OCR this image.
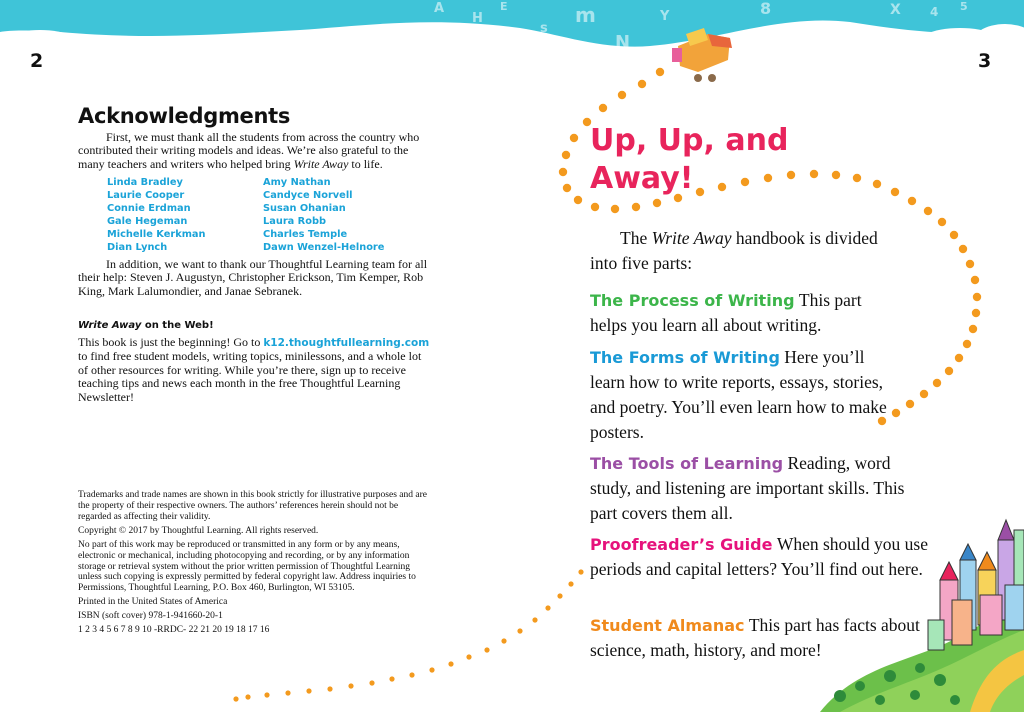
A
H
s
m
N
Y	8	X 4
E	5
2	3
Acknowledgments
First, we must thank all the students from across the country who contributed their writing models and ideas. We’re also grateful to the many teachers and writers who helped bring Write Away to life.
Linda Bradley
Laurie Cooper
Connie Erdman
Gale Hegeman
Michelle Kerkman
Dian Lynch
Amy Nathan
Candyce Norvell
Susan Ohanian
Laura Robb
Charles Temple
Dawn Wenzel-Helnore
In addition, we want to thank our Thoughtful Learning team for all their help: Steven J. Augustyn, Christopher Erickson, Tim Kemper, Rob King, Mark Lalumondier, and Janae Sebranek.
Write Away on the Web!
This book is just the beginning! Go to k12.thoughtfullearning.com to find free student models, writing topics, minilessons, and a whole lot of other resources for writing. While you’re there, sign up to receive teaching tips and news each month in the free Thoughtful Learning Newsletter!
Trademarks and trade names are shown in this book strictly for illustrative purposes and are the property of their respective owners. The authors’ references herein should not be regarded as affecting their validity.
Copyright © 2017 by Thoughtful Learning. All rights reserved.
No part of this work may be reproduced or transmitted in any form or by any means, electronic or mechanical, including photocopying and recording, or by any information storage or retrieval system without the prior written permission of Thoughtful Learning unless such copying is expressly permitted by federal copyright law. Address inquiries to Permissions, Thoughtful Learning, P.O. Box 460, Burlington, WI 53105.
Printed in the United States of America
ISBN (soft cover) 978-1-941660-20-1
1 2 3 4 5 6 7 8 9 10 -RRDC- 22 21 20 19 18 17 16
Up, Up, and
Away!
The Write Away handbook is divided into five parts:
The Process of Writing This part helps you learn all about writing.
The Forms of Writing Here you’ll learn how to write reports, essays, stories, and poetry. You’ll even learn how to make posters.
The Tools of Learning Reading, word study, and listening are important skills. This part covers them all.
Proofreader’s Guide When should you use periods and capital letters? You’ll find out here.
Student Almanac This part has facts about science, math, history, and more!
